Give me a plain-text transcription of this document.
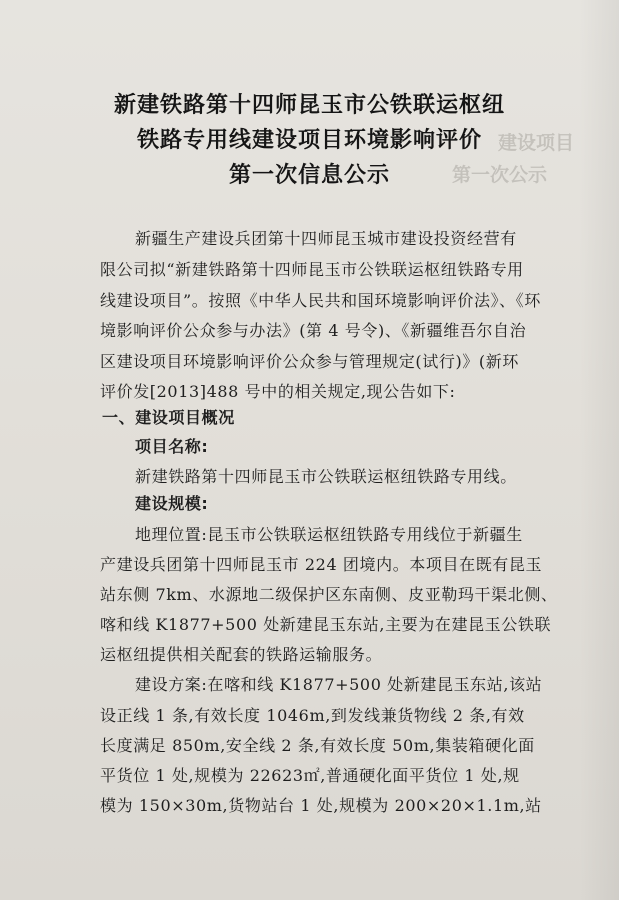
新建铁路第十四师昆玉市公铁联运枢纽
铁路专用线建设项目环境影响评价
第一次信息公示
建设项目
第一次公示
新疆生产建设兵团第十四师昆玉城市建设投资经营有
限公司拟“新建铁路第十四师昆玉市公铁联运枢纽铁路专用
线建设项目”。按照《中华人民共和国环境影响评价法》、《环
境影响评价公众参与办法》(第 4 号令)、《新疆维吾尔自治
区建设项目环境影响评价公众参与管理规定(试行)》(新环
评价发[2013]488 号中的相关规定,现公告如下:
一、建设项目概况
项目名称:
新建铁路第十四师昆玉市公铁联运枢纽铁路专用线。
建设规模:
地理位置:昆玉市公铁联运枢纽铁路专用线位于新疆生
产建设兵团第十四师昆玉市 224 团境内。本项目在既有昆玉
站东侧 7km、水源地二级保护区东南侧、皮亚勒玛干渠北侧、
喀和线 K1877+500 处新建昆玉东站,主要为在建昆玉公铁联
运枢纽提供相关配套的铁路运输服务。
建设方案:在喀和线 K1877+500 处新建昆玉东站,该站
设正线 1 条,有效长度 1046m,到发线兼货物线 2 条,有效
长度满足 850m,安全线 2 条,有效长度 50m,集装箱硬化面
平货位 1 处,规模为 22623㎡,普通硬化面平货位 1 处,规
模为 150×30m,货物站台 1 处,规模为 200×20×1.1m,站
